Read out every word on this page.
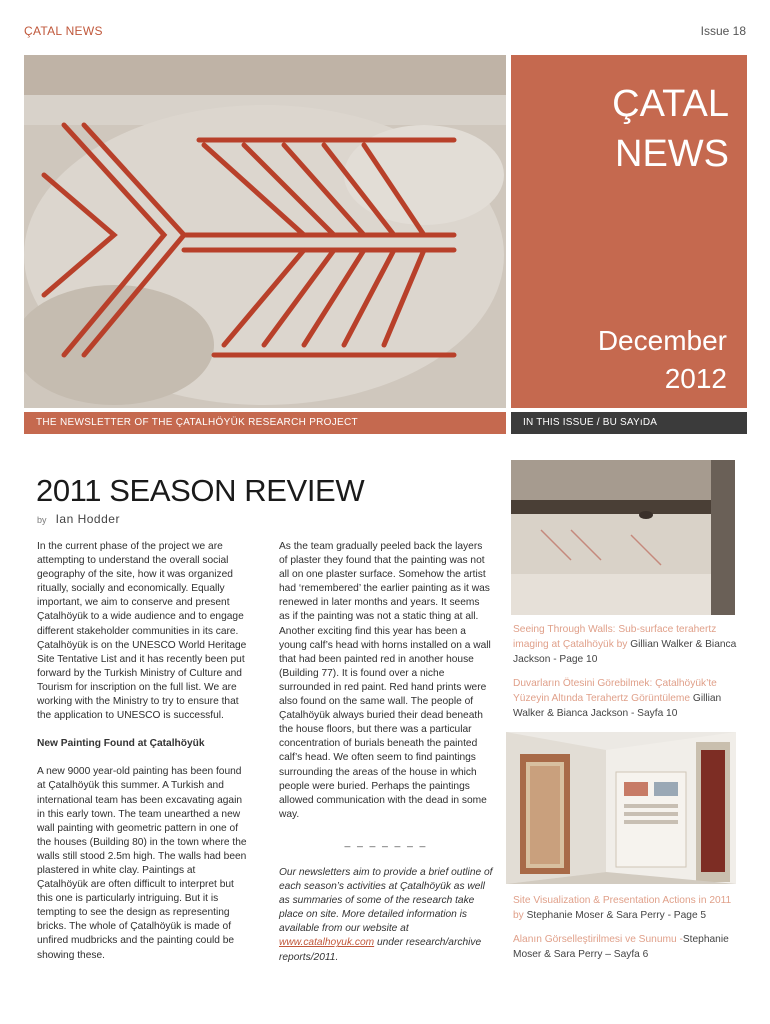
ÇATAL NEWS	Issue 18
ÇATAL
NEWS
December
2012
THE NEWSLETTER OF THE ÇATALHÖYÜK RESEARCH PROJECT	IN THIS ISSUE / BU SAYıDA
2011 SEASON REVIEW
by Ian Hodder

In the current phase of the project we are attempting to understand the overall social geography of the site, how it was organized ritually, socially and economically. Equally important, we aim to conserve and present Çatalhöyük to a wide audience and to engage different stakeholder communities in its care. Çatalhöyük is on the UNESCO World Heritage Site Tentative List and it has recently been put forward by the Turkish Ministry of Culture and Tourism for inscription on the full list. We are working with the Ministry to try to ensure that the application to UNESCO is successful.

New Painting Found at Çatalhöyük

A new 9000 year-old painting has been found at Çatalhöyük this summer. A Turkish and international team has been excavating again in this early town. The team unearthed a new wall painting with geometric pattern in one of the houses (Building 80) in the town where the walls still stood 2.5m high. The walls had been plastered in white clay. Paintings at Çatalhöyük are often difficult to interpret but this one is particularly intriguing. But it is tempting to see the design as representing bricks. The whole of Çatalhöyük is made of unfired mudbricks and the painting could be showing these.

As the team gradually peeled back the layers of plaster they found that the painting was not all on one plaster surface. Somehow the artist had ‘remembered’ the earlier painting as it was renewed in later months and years. It seems as if the painting was not a static thing at all. Another exciting find this year has been a young calf’s head with horns installed on a wall that had been painted red in another house (Building 77). It is found over a niche surrounded in red paint. Red hand prints were also found on the same wall. The people of Çatalhöyük always buried their dead beneath the house floors, but there was a particular concentration of burials beneath the painted calf’s head. We often seem to find paintings surrounding the areas of the house in which people were buried. Perhaps the paintings allowed communication with the dead in some way.

_ _ _ _ _ _ _
Our newsletters aim to provide a brief outline of each season’s activities at Çatalhöyük as well as summaries of some of the research take place on site. More detailed information is available from our website at www.catalhoyuk.com under research/archive reports/2011.
Seeing Through Walls: Sub-surface terahertz imaging at Çatalhöyük by Gillian Walker & Bianca Jackson - Page 10
Duvarların Ötesini Görebilmek: Çatalhöyük’te Yüzeyin Altında Terahertz Görüntüleme Gillian Walker & Bianca Jackson - Sayfa 10
Site Visualization & Presentation Actions in 2011 by Stephanie Moser & Sara Perry - Page 5
Alanın Görselleştirilmesi ve Sunumu -Stephanie Moser & Sara Perry – Sayfa 6
